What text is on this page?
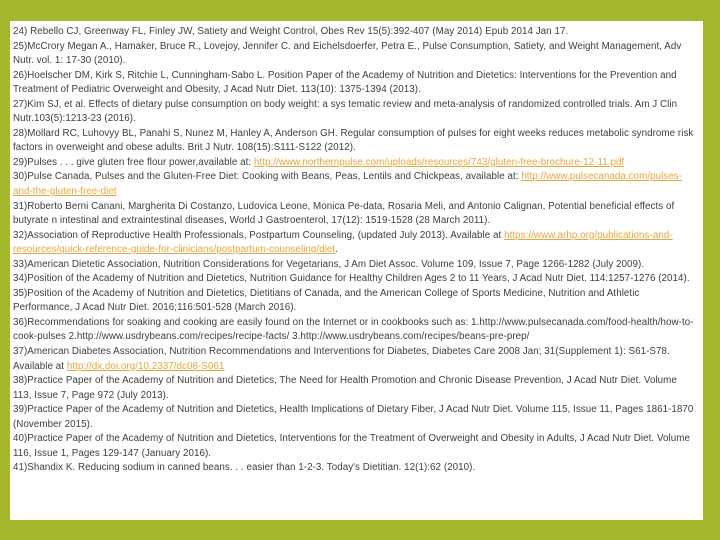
24) Rebello CJ, Greenway FL, Finley JW, Satiety and Weight Control, Obes Rev 15(5):392-407 (May 2014) Epub 2014 Jan 17.

25)McCrory Megan A., Hamaker, Bruce R., Lovejoy, Jennifer C. and Eichelsdoerfer, Petra E., Pulse Consumption, Satiety, and Weight Management, Adv Nutr. vol. 1: 17-30 (2010).

26)Hoelscher DM, Kirk S, Ritchie L, Cunningham-Sabo L. Position Paper of the Academy of Nutrition and Dietetics: Interventions for the Prevention and Treatment of Pediatric Overweight and Obesity, J Acad Nutr Diet. 113(10): 1375-1394 (2013).

27)Kim SJ, et al. Effects of dietary pulse consumption on body weight: a sys tematic review and meta-analysis of randomized controlled trials. Am J Clin Nutr.103(5):1213-23 (2016).

28)Mollard RC, Luhovyy BL, Panahi S, Nunez M, Hanley A, Anderson GH. Regular consumption of pulses for eight weeks reduces metabolic syndrome risk factors in overweight and obese adults. Brit J Nutr. 108(15):S111-S122 (2012).

29)Pulses . . . give gluten free flour power,available at: http://www.northernpulse.com/uploads/resources/743/gluten-free-brochure-12-11.pdf

30)Pulse Canada, Pulses and the Gluten-Free Diet: Cooking with Beans, Peas, Lentils and Chickpeas, available at: http://www.pulsecanada.com/pulses-and-the-gluten-free-diet

31)Roberto Berni Canani, Margherita Di Costanzo, Ludovica Leone, Monica Pe-data, Rosaria Meli, and Antonio Calignan, Potential beneficial effects of butyrate n intestinal and extraintestinal diseases, World J Gastroenterol, 17(12): 1519-1528 (28 March 2011).

32)Association of Reproductive Health Professionals, Postpartum Counseling, (updated July 2013). Available at https://www.arhp.org/publications-and-resources/quick-reference-guide-for-clinicians/postpartum-counseling/diet.

33)American Dietetic Association, Nutrition Considerations for Vegetarians, J Am Diet Assoc. Volume 109, Issue 7, Page 1266-1282 (July 2009).

34)Position of the Academy of Nutrition and Dietetics, Nutrition Guidance for Healthy Children Ages 2 to 11 Years, J Acad Nutr Diet. 114:1257-1276 (2014).

35)Position of the Academy of Nutrition and Dietetics, Dietitians of Canada, and the American College of Sports Medicine, Nutrition and Athletic Performance, J Acad Nutr Diet. 2016;116:501-528 (March 2016).

36)Recommendations for soaking and cooking are easily found on the Internet or in cookbooks such as: 1.http://www.pulsecanada.com/food-health/how-to-cook-pulses 2.http://www.usdrybeans.com/recipes/recipe-facts/ 3.http://www.usdrybeans.com/recipes/beans-pre-prep/

37)American Diabetes Association, Nutrition Recommendations and Interventions for Diabetes, Diabetes Care 2008 Jan; 31(Supplement 1): S61-S78. Available at http://dx.doi.org/10.2337/dc08-S061

38)Practice Paper of the Academy of Nutrition and Dietetics, The Need for Health Promotion and Chronic Disease Prevention, J Acad Nutr Diet. Volume 113, Issue 7, Page 972 (July 2013).

39)Practice Paper of the Academy of Nutrition and Dietetics, Health Implications of Dietary Fiber, J Acad Nutr Diet. Volume 115, Issue 11, Pages 1861-1870 (November 2015).

40)Practice Paper of the Academy of Nutrition and Dietetics, Interventions for the Treatment of Overweight and Obesity in Adults, J Acad Nutr Diet. Volume 116, Issue 1, Pages 129-147 (January 2016).

41)Shandix K. Reducing sodium in canned beans. . . easier than 1-2-3. Today's Dietitian. 12(1):62 (2010).
